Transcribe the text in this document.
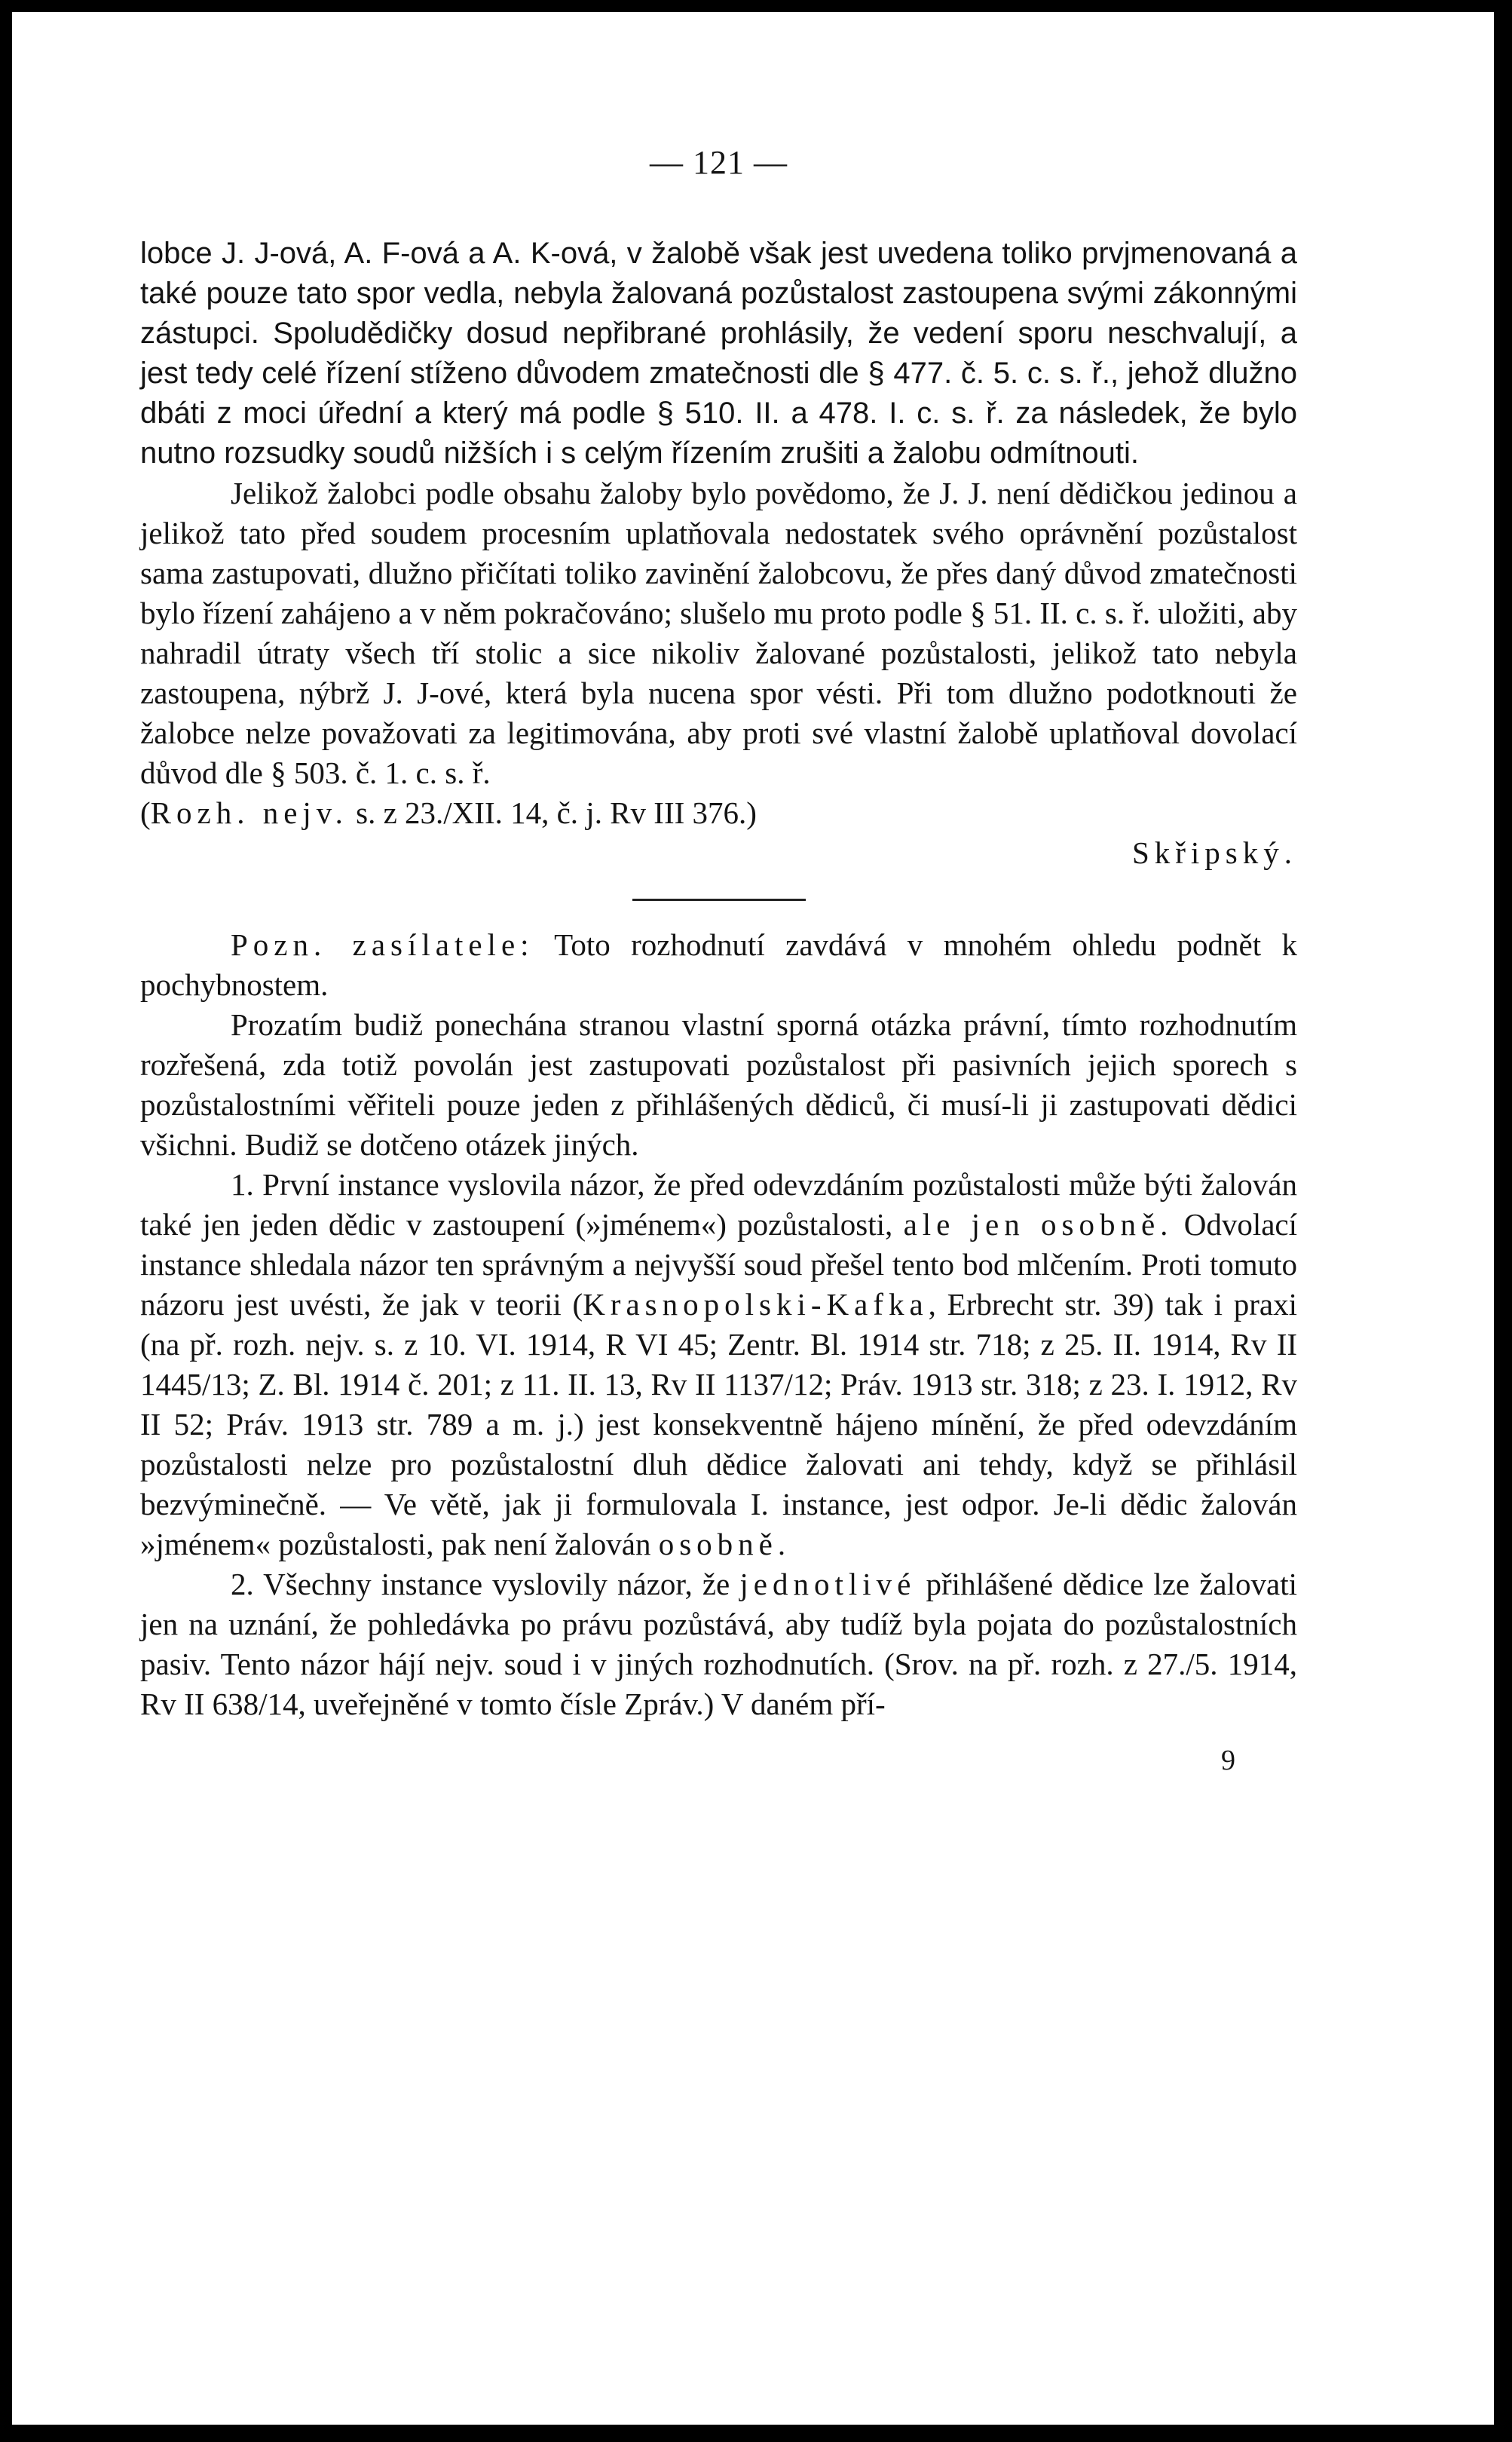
— 121 —

lobce J. J-ová, A. F-ová a A. K-ová, v žalobě však jest uvedena toliko prvjmenovaná a také pouze tato spor vedla, nebyla žalovaná pozůstalost zastoupena svými zákonnými zástupci. Spoludědičky dosud nepřibrané prohlásily, že vedení sporu neschvalují, a jest tedy celé řízení stíženo důvodem zmatečnosti dle § 477. č. 5. c. s. ř., jehož dlužno dbáti z moci úřední a který má podle § 510. II. a 478. I. c. s. ř. za následek, že bylo nutno rozsudky soudů nižších i s celým řízením zrušiti a žalobu odmítnouti.

Jelikož žalobci podle obsahu žaloby bylo povědomo, že J. J. není dědičkou jedinou a jelikož tato před soudem procesním uplatňovala nedostatek svého oprávnění pozůstalost sama zastupovati, dlužno přičítati toliko zavinění žalobcovu, že přes daný důvod zmatečnosti bylo řízení zahájeno a v něm pokračováno; slušelo mu proto podle § 51. II. c. s. ř. uložiti, aby nahradil útraty všech tří stolic a sice nikoliv žalované pozůstalosti, jelikož tato nebyla zastoupena, nýbrž J. J-ové, která byla nucena spor vésti. Při tom dlužno podotknouti že žalobce nelze považovati za legitimována, aby proti své vlastní žalobě uplatňoval dovolací důvod dle § 503. č. 1. c. s. ř.
(Rozh. nejv. s. z 23./XII. 14, č. j. Rv III 376.)

Skřipský.

Pozn. zasílatele: Toto rozhodnutí zavdává v mnohém ohledu podnět k pochybnostem.

Prozatím budiž ponechána stranou vlastní sporná otázka právní, tímto rozhodnutím rozřešená, zda totiž povolán jest zastupovati pozůstalost při pasivních jejich sporech s pozůstalostními věřiteli pouze jeden z přihlášených dědiců, či musí-li ji zastupovati dědici všichni. Budiž se dotčeno otázek jiných.

1. První instance vyslovila názor, že před odevzdáním pozůstalosti může býti žalován také jen jeden dědic v zastoupení (»jménem«) pozůstalosti, ale jen osobně. Odvolací instance shledala názor ten správným a nejvyšší soud přešel tento bod mlčením. Proti tomuto názoru jest uvésti, že jak v teorii (Krasnopolski-Kafka, Erbrecht str. 39) tak i praxi (na př. rozh. nejv. s. z 10. VI. 1914, R VI 45; Zentr. Bl. 1914 str. 718; z 25. II. 1914, Rv II 1445/13; Z. Bl. 1914 č. 201; z 11. II. 13, Rv II 1137/12; Práv. 1913 str. 318; z 23. I. 1912, Rv II 52; Práv. 1913 str. 789 a m. j.) jest konsekventně hájeno mínění, že před odevzdáním pozůstalosti nelze pro pozůstalostní dluh dědice žalovati ani tehdy, když se přihlásil bezvýminečně. — Ve větě, jak ji formulovala I. instance, jest odpor. Je-li dědic žalován »jménem« pozůstalosti, pak není žalován osobně.

2. Všechny instance vyslovily názor, že jednotlivé přihlášené dědice lze žalovati jen na uznání, že pohledávka po právu pozůstává, aby tudíž byla pojata do pozůstalostních pasiv. Tento názor hájí nejv. soud i v jiných rozhodnutích. (Srov. na př. rozh. z 27./5. 1914, Rv II 638/14, uveřejněné v tomto čísle Zpráv.) V daném pří-

9
